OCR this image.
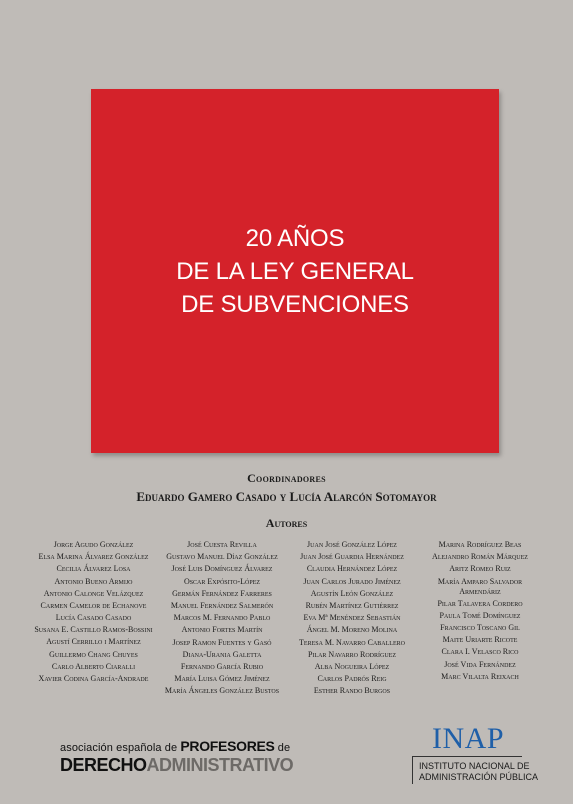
20 AÑOS
DE LA LEY GENERAL
DE SUBVENCIONES
Coordinadores
Eduardo Gamero Casado y Lucía Alarcón Sotomayor
Autores
Jorge Agudo González
Elsa Marina Álvarez González
Cecilia Álvarez Losa
Antonio Bueno Armijo
Antonio Calonge Velázquez
Carmen Camelor de Echanove
Lucía Casado Casado
Susana E. Castillo Ramos-Bossini
Agustí Cerrillo i Martínez
Guillermo Chang Chuyes
Carlo Alberto Ciaralli
Xavier Codina García-Andrade
José Cuesta Revilla
Gustavo Manuel Díaz González
José Luis Domínguez Álvarez
Oscar Expósito-López
Germán Fernández Farreres
Manuel Fernández Salmerón
Marcos M. Fernando Pablo
Antonio Fortes Martín
Josep Ramon Fuentes y Gasó
Diana-Urania Galetta
Fernando García Rubio
María Luisa Gómez Jiménez
María Ángeles González Bustos
Juan José González López
Juan José Guardia Hernández
Claudia Hernández López
Juan Carlos Jurado Jiménez
Agustín León González
Rubén Martínez Gutiérrez
Eva Mª Menéndez Sebastián
Ángel M. Moreno Molina
Teresa M. Navarro Caballero
Pilar Navarro Rodríguez
Alba Nogueira López
Carlos Padrós Reig
Esther Rando Burgos
Marina Rodríguez Beas
Alejandro Román Márquez
Aritz Romeo Ruiz
María Amparo Salvador Armendáriz
Pilar Talavera Cordero
Paula Tomé Domínguez
Francisco Toscano Gil
Maite Uriarte Ricote
Clara I. Velasco Rico
José Vida Fernández
Marc Vilalta Reixach
asociación española de PROFESORES de
DERECHOADMINISTRATIVO
INAP
INSTITUTO NACIONAL DE
ADMINISTRACIÓN PÚBLICA
